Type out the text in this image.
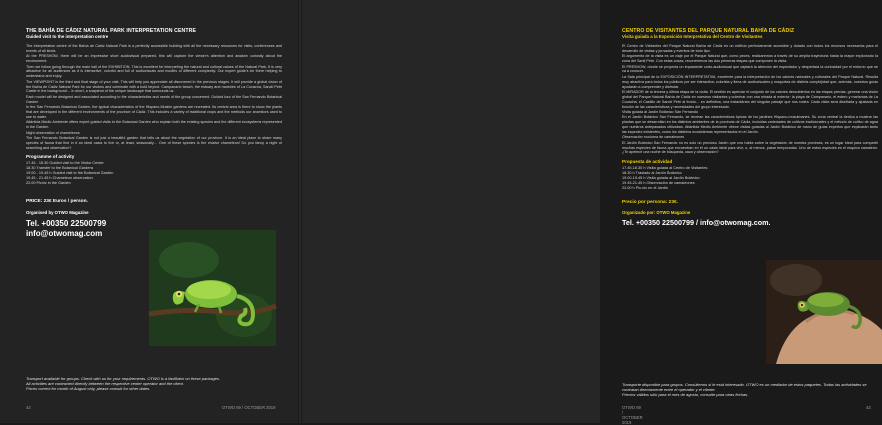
THE BAHÍA DE CÁDIZ NATURAL PARK INTERPRETATION CENTRE
Guided visit to the interpretation centre

The interpretation centre of the Bahía de Cádiz Natural Park is a perfectly accessible building with all the necessary resources for visits, conferences and events of all kinds.

At the PRESHOW, there will be an impressive short audiovisual prepared, this will capture the viewer's attention and awaken curiosity about the environment.

Then we follow going through the main hall of the EXHIBITION. This is excellent for interpreting the natural and cultural values of the Natural Park. It is very attractive for all audiences as it is interactive, colorful and full of audiovisuals and models of different complexity. Our expert guide's be there helping to understand and enjoy.

The VIEWPOINT is the third and final stage of your visit. This will help you appreciate all discovered in the previous stages. It will provide a global vision of the Bahía de Cádiz Natural Park for our visitors and culminate with a bold keynot. Campanario beach, the estuary and marshes of La Covacha, Sancti Petri Castle in the background… in short, a snapshot of the unique landscape that surrounds us.

Each model will be designed and associated according to the characteristics and needs of the group concerned. Guided tour of the San Fernando Botanical Garden

In the San Fernando Botanical Garden, the typical characteristics of the Hispano-Muslim gardens are recreated. Its central area is there to show the plants that are developed in the different environments of the province of Cádiz. This includes a variety of traditional crops and the methods our ancestors used to use to water.

Atlántida Medio Ambiente offers expert guided visits to the Botanical Garden who explain both the existing species and the different ecosystems represented in the Garden.

Night observation of chameleons

The San Fernando Botanical Garden is not just a beautiful garden that tells us about the vegetation of our province. It is an ideal place to share many species of fauna that find in it an ideal oasis to live or, at least, seasonally… One of these species is the elusive chameleon! Do you fancy a night of searching and observation?

Programme of activity
17.45 - 18.30 Guided visit to the Visitor Center
18.30 Transfer to the Botanical Gardens
19.00 - 19.45 h Guided visit to the Botanical Garden
19.45 - 21.45 h Chameleon observation
22.00 Picnic in the Garden
PRICE: 23€ Euros / person.
Organised by OTWO Magazine
Tel. +00350 22500799
info@otwomag.com
Transport available for groups. Check with us for your requirements. OTWO is a facilitator on these packages.
All activities are contracted directly between the respective center operator and the client.
Prices correct for month of August only, please consult for other dates.
42	OTWO 69 / OCTOBER 2019
CENTRO DE VISITANTES DEL PARQUE NATURAL BAHÍA DE CÁDIZ
Visita guiada a la Exposición Interpretativa del Centro de Visitantes

El Centro de Visitantes del Parque Natural Bahía de Cádiz es un edificio perfectamente accesible y dotado con todos los recursos necesarios para el desarrollo de visitas y jornadas y eventos de todo tipo.

El argumento de la visita es un viaje por el Parque Natural que, como peces, realizaremos a través de su amplia trayectoria hasta la mayor explorando la zona del Santi Petri. Con estas cosas, recorreremos las dos primeras etapas que componen la visita.

El PRESHOW, donde se proyecta un impactante corto-audiovisual que captará la atención del espectador y despertará la curiosidad por el entorno que se va a conocer.

La Sala principal de la EXPOSICIÓN INTERPRETATIVA, excelente para la interpretación de los valores naturales y culturales del Parque Natural. Resulta muy atractiva para todos los públicos por ser interactiva, colorista y llena de audiovisuales y maquetas de distinta complejidad que, además, nuestros guías ayudarán a comprender y disfrutar.

El MIRADOR de la tercera y última etapa de la visita. El sentido es apreciar el conjunto de los valores descubiertos en las etapas previas, generar una visión global del Parque Natural Bahía de Cádiz en nuestros visitantes y culminar con una mirada al exterior: la playa de Campanario, el estero y marismas de La Covacha, el Castillo de Sancti Petri al fondo… en definitiva, una instantánea del singular paisaje que nos rodea. Cada visita será diseñada y ajustada en función de las características y necesidades del grupo interesado.

Visita guiada al Jardín Botánico San Fernando

En el Jardín Botánico San Fernando, se recrean las características típicas de los jardines Hispano-musulmanes. Su zona central la dedica a mostrar las plantas que se desarrollan en los distintos ambientes de la provincia de Cádiz, incluidas variedades de cultivos tradicionales y el método de cultivo de agua que nuestros antepasados utilizaban. Atlántida Medio Ambiente ofrece visitas guiadas al Jardín Botánico de mano de guías expertos que explicarán tanto las especies existentes, como los distintos ecosistemas representados en el Jardín.

Observación nocturna de camaleones

El Jardín Botánico San Fernando no es solo un precioso Jardín que nos habla sobre la vegetación de nuestra provincia, es un lugar ideal para compartir muchas especies de fauna que encuentran en él un oasis ideal para vivir, o, al menos, pasar temporadas. Uno de estos especies es el esquivo camaleón. ¿Te apetece una noche de búsqueda, caza y observación?

Propuesta de actividad
17.45-18.30 h Visita guiada al Centro de Visitantes
18.30 h Traslado al Jardín Botánico
19.00-19.45 h Visita guiada al Jardín Botánico
19.45-21.45 h Observación de camaleones
22.00 h Pic-nic en el Jardín
Precio por persona: 23€.
Organizado por: OTWO Magazine
Tel. +00350 22500799 / info@otwomag.com.
Transporte disponible para grupos. Consúltenos si le está interesado. OTWO es un mediador de estos paquetes. Todas las actividades se contratan directamente entre el operador y el cliente.
Precios válidos sólo para el mes de agosto, consulte para otras fechas.
OTWO 69 / OCTOBER 2019
43
